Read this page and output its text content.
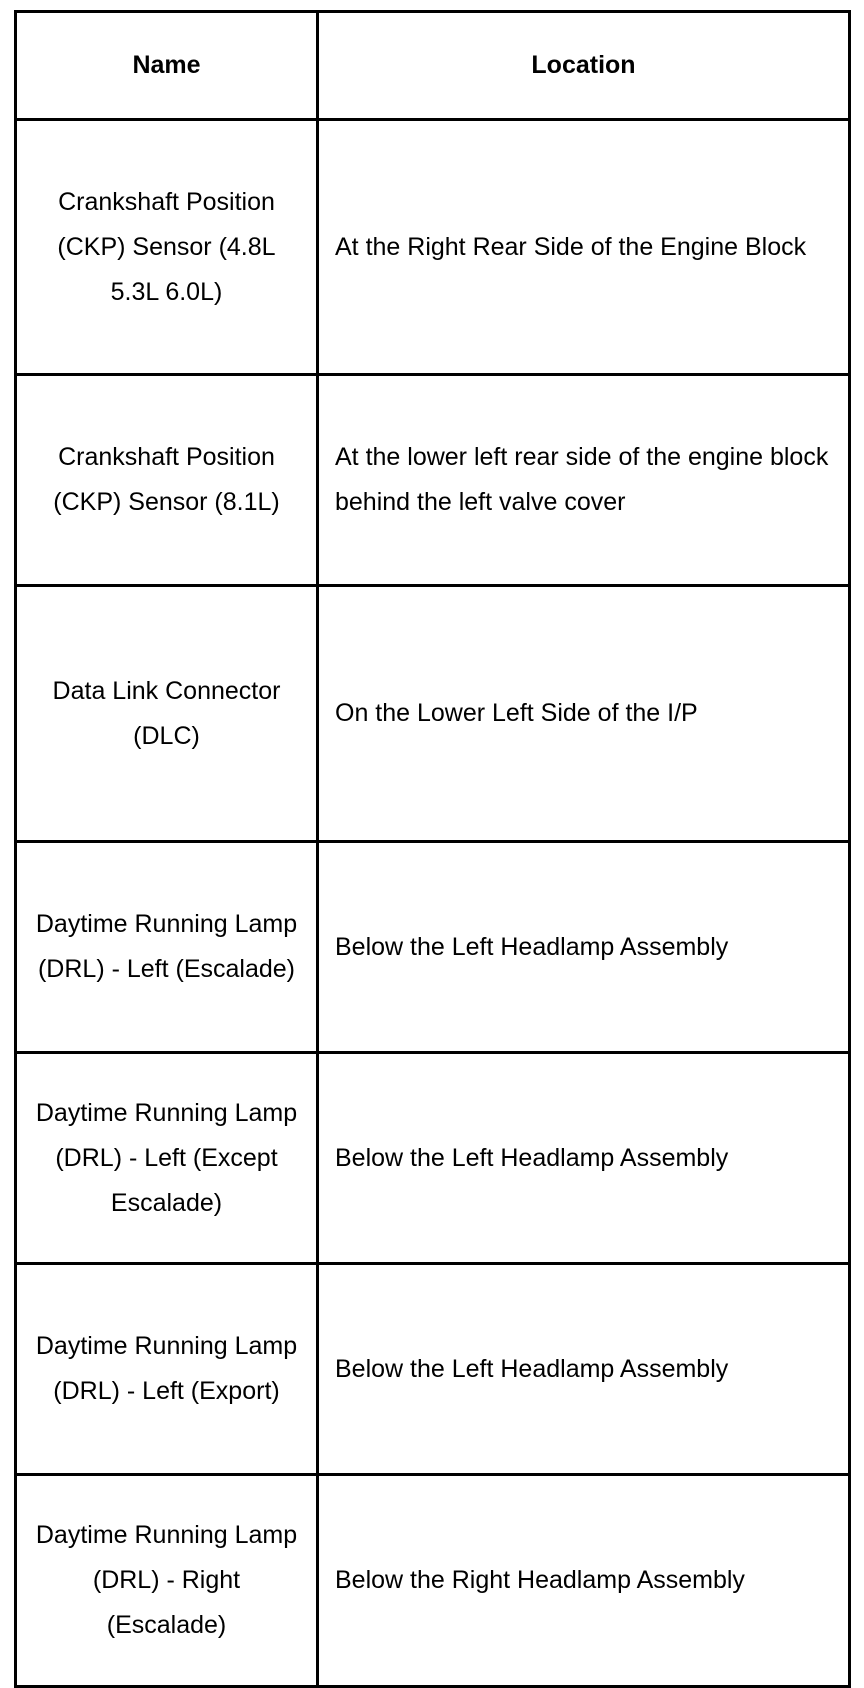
Name	Location
Crankshaft Position (CKP) Sensor (4.8L 5.3L 6.0L)	At the Right Rear Side of the Engine Block
Crankshaft Position (CKP) Sensor (8.1L)	At the lower left rear side of the engine block behind the left valve cover
Data Link Connector (DLC)	On the Lower Left Side of the I/P
Daytime Running Lamp (DRL) - Left (Escalade)	Below the Left Headlamp Assembly
Daytime Running Lamp (DRL) - Left (Except Escalade)	Below the Left Headlamp Assembly
Daytime Running Lamp (DRL) - Left (Export)	Below the Left Headlamp Assembly
Daytime Running Lamp (DRL) - Right (Escalade)	Below the Right Headlamp Assembly
